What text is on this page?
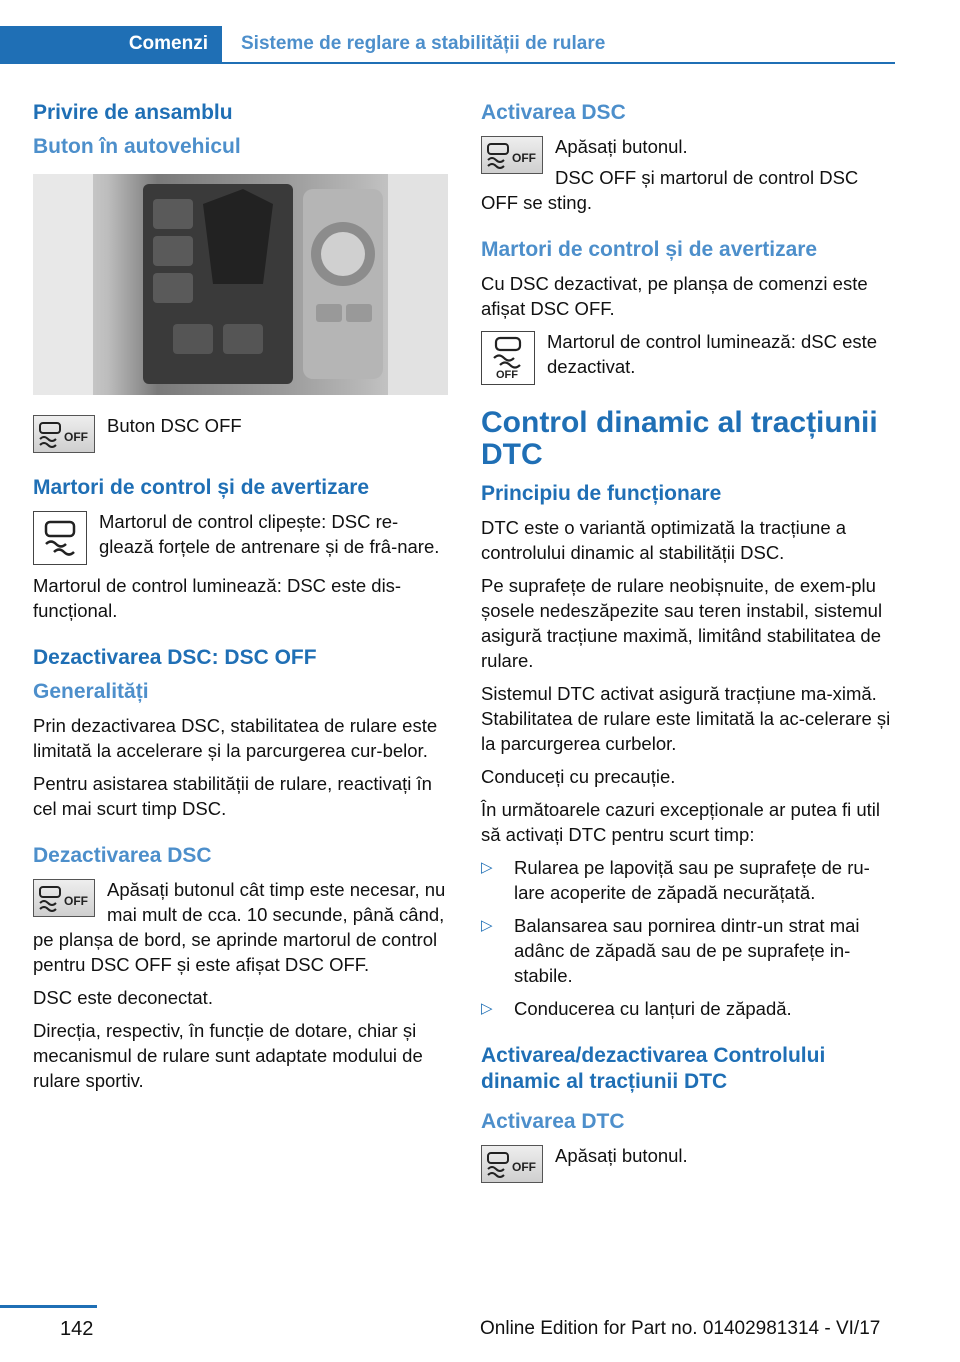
Comenzi	Sisteme de reglare a stabilității de rulare
Privire de ansamblu
Buton în autovehicul
OFF
Buton DSC OFF
Martori de control și de avertizare
Martorul de control clipește: DSC re-glează forțele de antrenare și de frâ-nare.

Martorul de control luminează: DSC este dis-funcțional.

Dezactivarea DSC: DSC OFF
Generalități

Prin dezactivarea DSC, stabilitatea de rulare este limitată la accelerare și la parcurgerea cur-belor.

Pentru asistarea stabilității de rulare, reactivați în cel mai scurt timp DSC.

Dezactivarea DSC
OFF
Apăsați butonul cât timp este necesar, nu mai mult de cca. 10 secunde, până când, pe planșa de bord, se aprinde martorul de control pentru DSC OFF și este afișat DSC OFF.

DSC este deconectat.

Direcția, respectiv, în funcție de dotare, chiar și mecanismul de rulare sunt adaptate modului de rulare sportiv.

Activarea DSC
OFF
Apăsați butonul.
DSC OFF și martorul de control DSC OFF se sting.
Martori de control și de avertizare

Cu DSC dezactivat, pe planșa de comenzi este afișat DSC OFF.

OFF
Martorul de control luminează: dSC este dezactivat.
Control dinamic al tracțiunii DTC
Principiu de funcționare

DTC este o variantă optimizată la tracțiune a controlului dinamic al stabilității DSC.

Pe suprafețe de rulare neobișnuite, de exem-plu șosele nedeszăpezite sau teren instabil, sistemul asigură tracțiune maximă, limitând stabilitatea de rulare.

Sistemul DTC activat asigură tracțiune ma-ximă. Stabilitatea de rulare este limitată la ac-celerare și la parcurgerea curbelor.

Conduceți cu precauție.

În următoarele cazuri excepționale ar putea fi util să activați DTC pentru scurt timp:

▷ Rularea pe lapoviță sau pe suprafețe de ru-lare acoperite de zăpadă necurățată.
▷ Balansarea sau pornirea dintr-un strat mai adânc de zăpadă sau de pe suprafețe in-stabile.
▷ Conducerea cu lanțuri de zăpadă.
Activarea/dezactivarea Controlului dinamic al tracțiunii DTC
Activarea DTC
OFF
Apăsați butonul.
142	Online Edition for Part no. 01402981314 - VI/17
